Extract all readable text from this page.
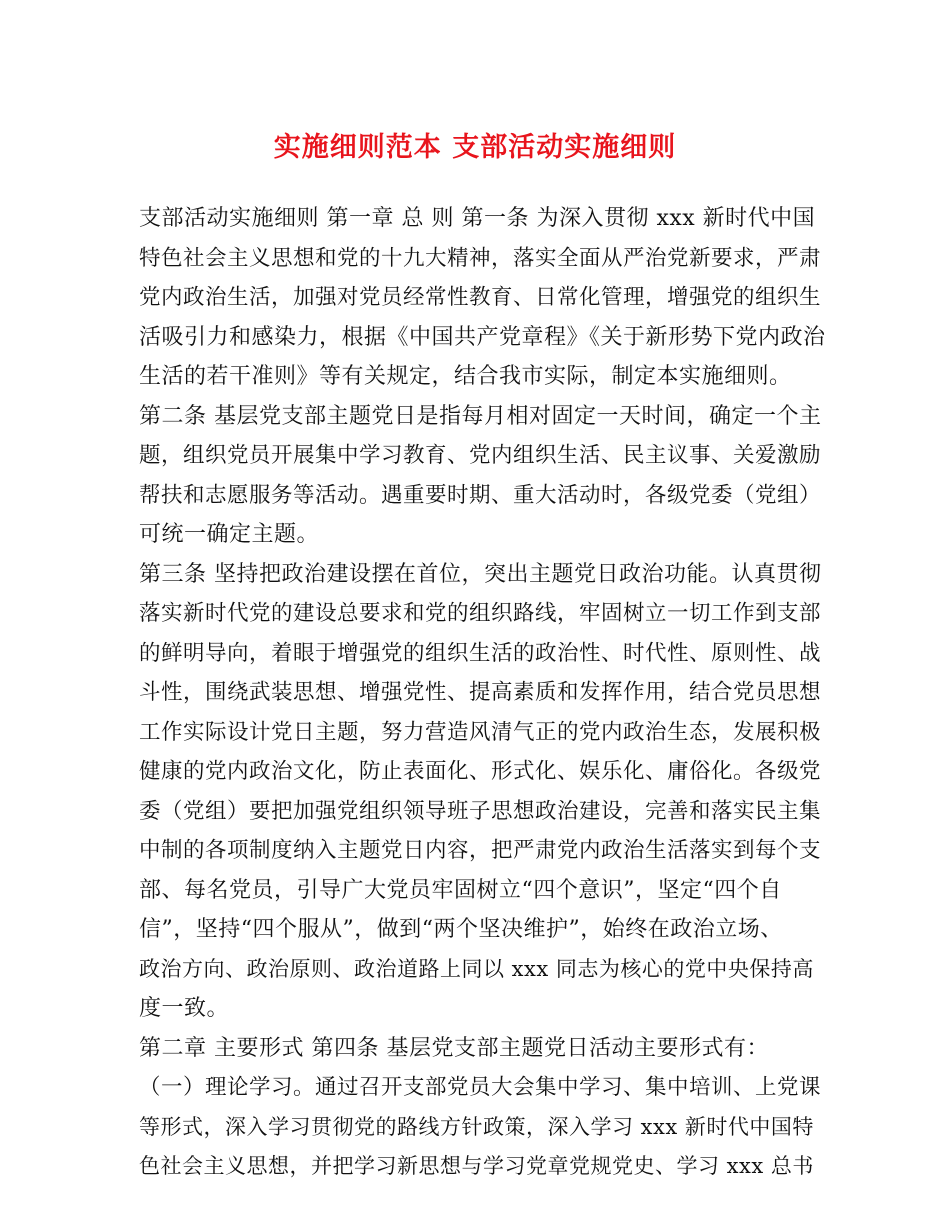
实施细则范本 支部活动实施细则
支部活动实施细则 第一章 总 则 第一条 为深入贯彻 xxx 新时代中国
特色社会主义思想和党的十九大精神，落实全面从严治党新要求，严肃
党内政治生活，加强对党员经常性教育、日常化管理，增强党的组织生
活吸引力和感染力，根据《中国共产党章程》《关于新形势下党内政治
生活的若干准则》等有关规定，结合我市实际，制定本实施细则。
第二条 基层党支部主题党日是指每月相对固定一天时间，确定一个主
题，组织党员开展集中学习教育、党内组织生活、民主议事、关爱激励
帮扶和志愿服务等活动。遇重要时期、重大活动时，各级党委（党组）
可统一确定主题。
第三条 坚持把政治建设摆在首位，突出主题党日政治功能。认真贯彻
落实新时代党的建设总要求和党的组织路线，牢固树立一切工作到支部
的鲜明导向，着眼于增强党的组织生活的政治性、时代性、原则性、战
斗性，围绕武装思想、增强党性、提高素质和发挥作用，结合党员思想
工作实际设计党日主题，努力营造风清气正的党内政治生态，发展积极
健康的党内政治文化，防止表面化、形式化、娱乐化、庸俗化。各级党
委（党组）要把加强党组织领导班子思想政治建设，完善和落实民主集
中制的各项制度纳入主题党日内容，把严肃党内政治生活落实到每个支
部、每名党员，引导广大党员牢固树立“四个意识”，坚定“四个自
信”，坚持“四个服从”，做到“两个坚决维护”，始终在政治立场、
政治方向、政治原则、政治道路上同以 xxx 同志为核心的党中央保持高
度一致。
第二章 主要形式 第四条 基层党支部主题党日活动主要形式有：
（一）理论学习。通过召开支部党员大会集中学习、集中培训、上党课
等形式，深入学习贯彻党的路线方针政策，深入学习 xxx 新时代中国特
色社会主义思想，并把学习新思想与学习党章党规党史、学习 xxx 总书
